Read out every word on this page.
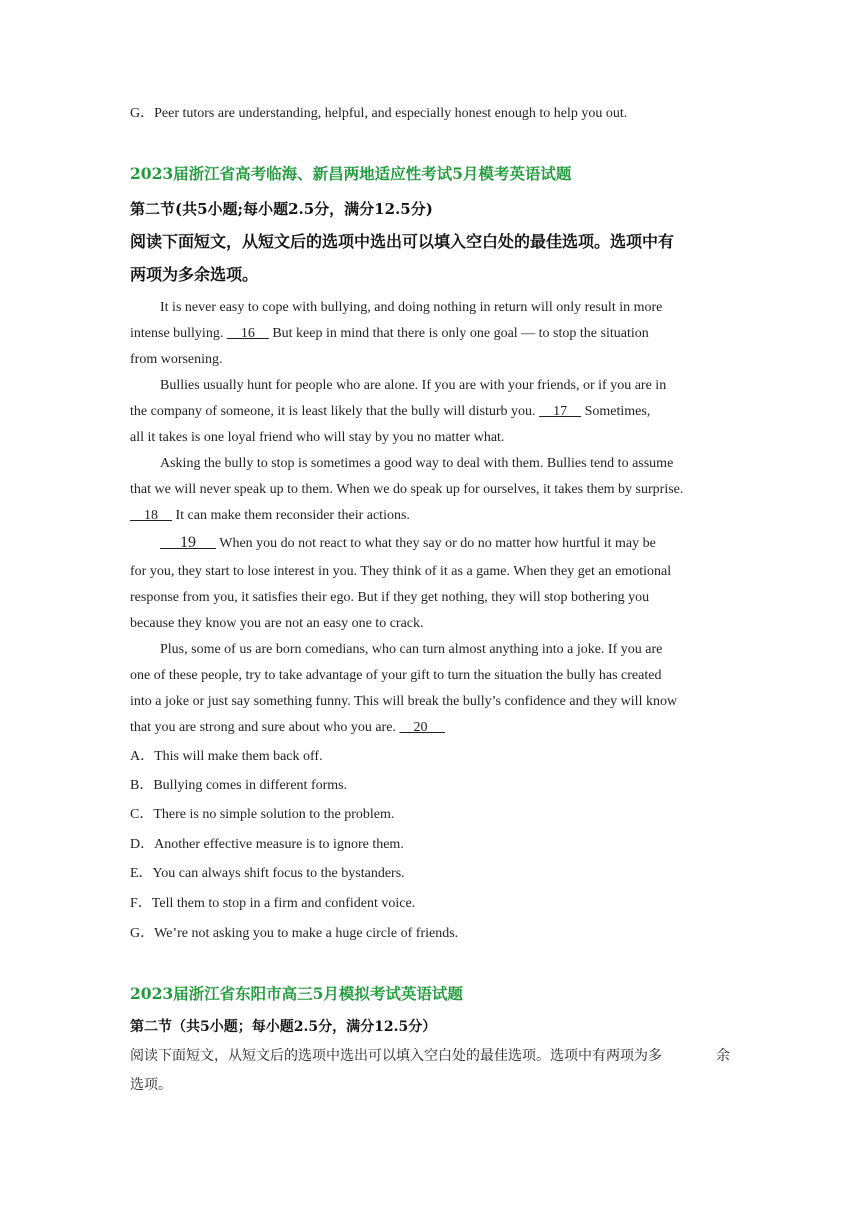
G．Peer tutors are understanding, helpful, and especially honest enough to help you out.
2023届浙江省高考临海、新昌两地适应性考试5月模考英语试题
第二节(共5小题;每小题2.5分，满分12.5分)
阅读下面短文，从短文后的选项中选出可以填入空白处的最佳选项。选项中有
两项为多余选项。
It is never easy to cope with bullying, and doing nothing in return will only result in more
intense bullying.     16     But keep in mind that there is only one goal — to stop the situation
from worsening.
Bullies usually hunt for people who are alone. If you are with your friends, or if you are in
the company of someone, it is least likely that the bully will disturb you.     17     Sometimes,
all it takes is one loyal friend who will stay by you no matter what.
Asking the bully to stop is sometimes a good way to deal with them. Bullies tend to assume
that we will never speak up to them. When we do speak up for ourselves, it takes them by surprise.
18     It can make them reconsider their actions.
19      When you do not react to what they say or do no matter how hurtful it may be
for you, they start to lose interest in you. They think of it as a game. When they get an emotional
response from you, it satisfies their ego. But if they get nothing, they will stop bothering you
because they know you are not an easy one to crack.
Plus, some of us are born comedians, who can turn almost anything into a joke. If you are
one of these people, try to take advantage of your gift to turn the situation the bully has created
into a joke or just say something funny. This will break the bully’s confidence and they will know
that you are strong and sure about who you are.     20
A．This will make them back off.
B．Bullying comes in different forms.
C．There is no simple solution to the problem.
D．Another effective measure is to ignore them.
E．You can always shift focus to the bystanders.
F．Tell them to stop in a firm and confident voice.
G．We’re not asking you to make a huge circle of friends.
2023届浙江省东阳市高三5月模拟考试英语试题
第二节（共5小题；每小题2.5分，满分12.5分）
阅读下面短文，从短文后的选项中选出可以填入空白处的最佳选项。选项中有两项为多	余
选项。
